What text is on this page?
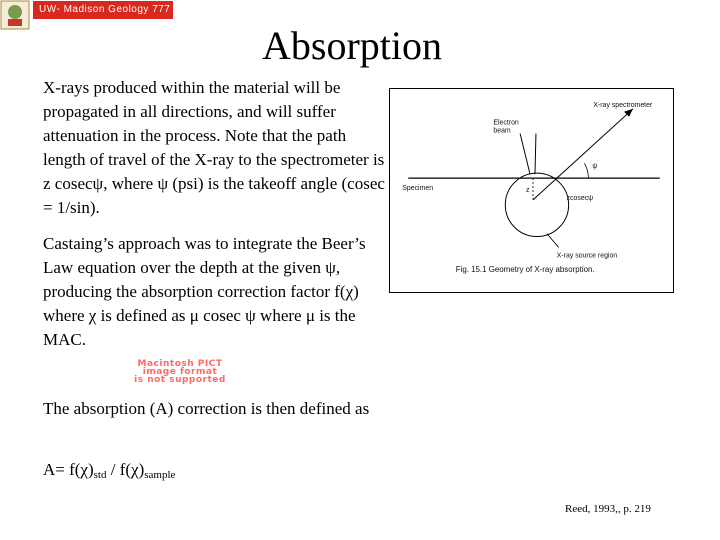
UW- Madison Geology 777
Absorption

X-rays produced within the material will be propagated in all directions, and will suffer attenuation in the process. Note that the path length of travel of the X-ray to the spectrometer is z cosecψ, where ψ (psi) is the takeoff angle (cosec = 1/sin).

Castaing’s approach was to integrate the Beer’s Law equation over the depth at the given ψ, producing the absorption correction factor f(χ) where χ is defined as μ cosec ψ where μ is the MAC.

Macintosh PICT
image format
is not supported

The absorption (A) correction is then defined as

$A= f(\chi)_{std} / f(\chi)_{sample}$

X-ray spectrometer
Electron
beam
ψ
Specimen	z
zcosecψ
X-ray source region
Fig. 15.1 Geometry of X-ray absorption.
Reed, 1993,, p. 219
